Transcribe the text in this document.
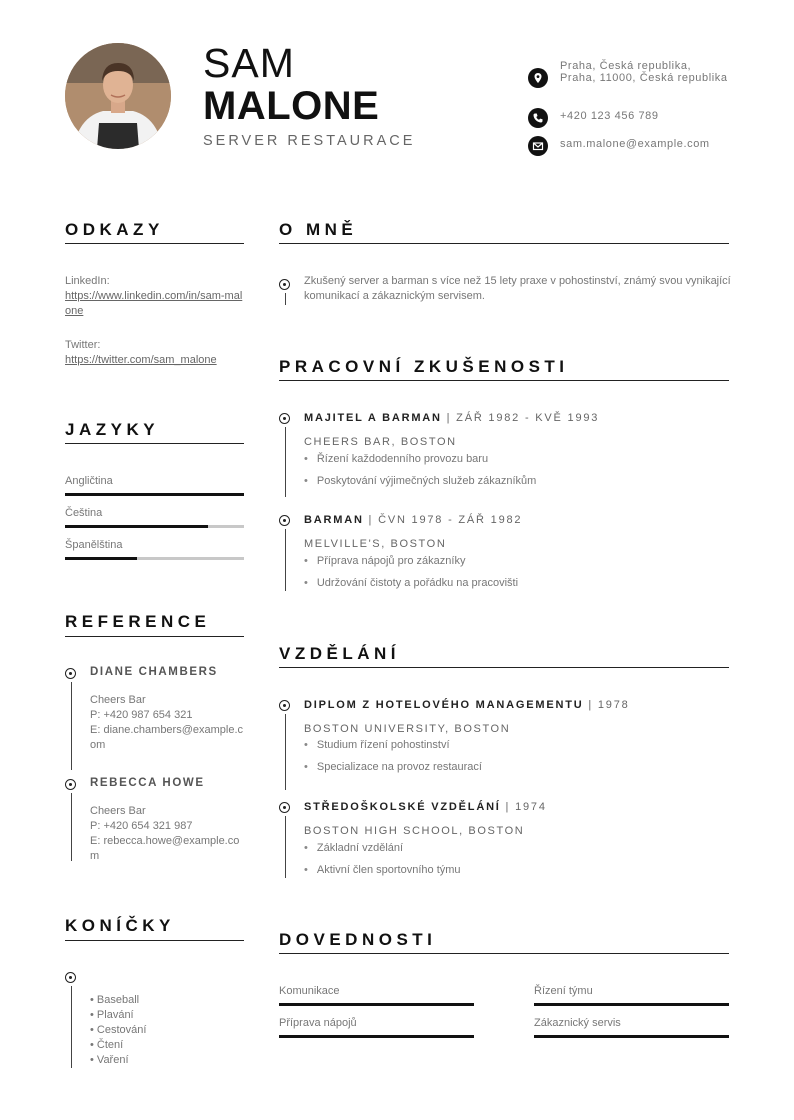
SAM
MALONE
SERVER RESTAURACE
Praha, Česká republika, Praha, 11000, Česká republika
+420 123 456 789
sam.malone@example.com
ODKAZY
LinkedIn:
https://www.linkedin.com/in/sam-malone
Twitter:
https://twitter.com/sam_malone
JAZYKY
Angličtina
Čeština
Španělština
REFERENCE
DIANE CHAMBERS
Cheers Bar
P: +420 987 654 321
E: diane.chambers@example.com
REBECCA HOWE
Cheers Bar
P: +420 654 321 987
E: rebecca.howe@example.com
KONÍČKY
• Baseball
• Plavání
• Cestování
• Čtení
• Vaření
O MNĚ
Zkušený server a barman s více než 15 lety praxe v pohostinství, známý svou vynikající komunikací a zákaznickým servisem.
PRACOVNÍ ZKUŠENOSTI
MAJITEL A BARMAN | ZÁŘ 1982 - KVĚ 1993
CHEERS BAR, BOSTON
• Řízení každodenního provozu baru
• Poskytování výjimečných služeb zákazníkům
BARMAN | ČVN 1978 - ZÁŘ 1982
MELVILLE'S, BOSTON
• Příprava nápojů pro zákazníky
• Udržování čistoty a pořádku na pracovišti
VZDĚLÁNÍ
DIPLOM Z HOTELOVÉHO MANAGEMENTU | 1978
BOSTON UNIVERSITY, BOSTON
• Studium řízení pohostinství
• Specializace na provoz restaurací
STŘEDOŠKOLSKÉ VZDĚLÁNÍ | 1974
BOSTON HIGH SCHOOL, BOSTON
• Základní vzdělání
• Aktivní člen sportovního týmu
DOVEDNOSTI
Komunikace	Řízení týmu
Příprava nápojů	Zákaznický servis
